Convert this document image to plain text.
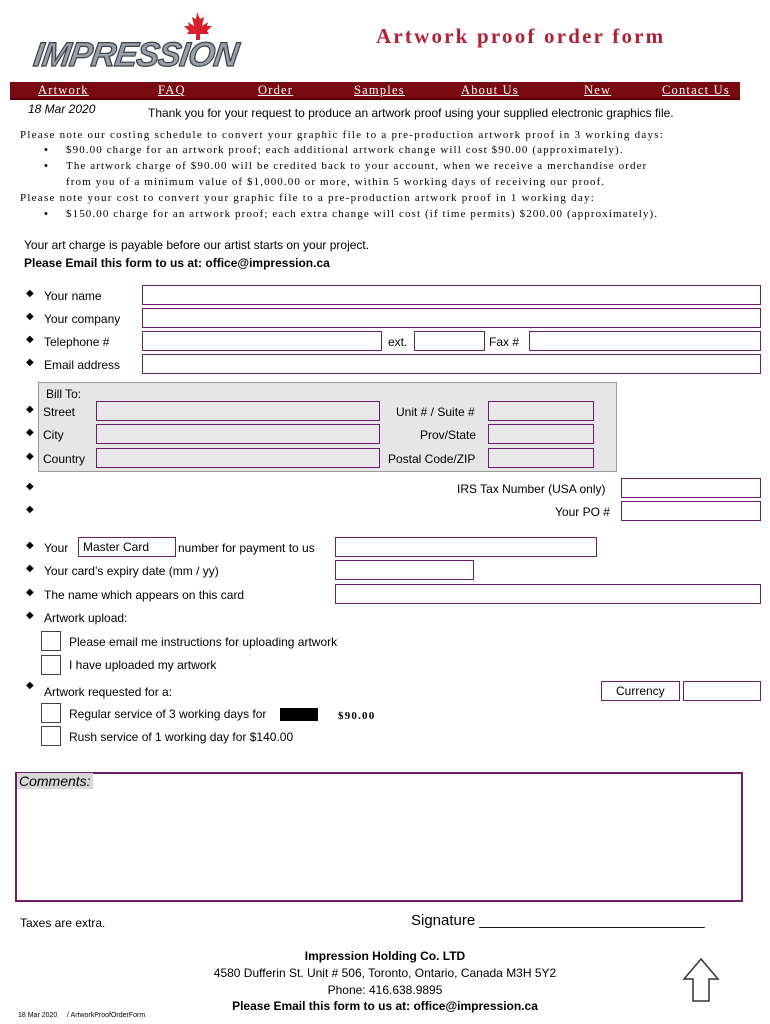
IMPRESSION	Artwork proof order form
Artwork	FAQ	Order	Samples	About Us	New	Contact Us
18 Mar 2020	Thank you for your request to produce an artwork proof using your supplied electronic graphics file.
Please note our costing schedule to convert your graphic file to a pre-production artwork proof in 3 working days:
• $90.00 charge for an artwork proof; each additional artwork change will cost $90.00 (approximately).
• The artwork charge of $90.00 will be credited back to your account, when we receive a merchandise order
from you of a minimum value of $1,000.00 or more, within 5 working days of receiving our proof.
Please note your cost to convert your graphic file to a pre-production artwork proof in 1 working day:
• $150.00 charge for an artwork proof; each extra change will cost (if time permits) $200.00 (approximately).
Your art charge is payable before our artist starts on your project.
Please Email this form to us at: office@impression.ca
◆ Your name
◆ Your company
◆ Telephone #	ext.	Fax #
◆ Email address
Bill To:
◆ Street	Unit # / Suite #
◆ City	Prov/State
◆ Country	Postal Code/ZIP
◆	IRS Tax Number (USA only)
◆	Your PO #
◆ Your	Master Card	number for payment to us
◆ Your card’s expiry date (mm / yy)
◆ The name which appears on this card
◆ Artwork upload:
Please email me instructions for uploading artwork
I have uploaded my artwork
◆ Artwork requested for a:	Currency
Regular service of 3 working days for	$90.00
Rush service of 1 working day for $140.00
Comments:
Taxes are extra.	Signature ___________________________
Impression Holding Co. LTD
4580 Dufferin St. Unit # 506, Toronto, Ontario, Canada M3H 5Y2
Phone: 416.638.9895
Please Email this form to us at: office@impression.ca
18 Mar 2020     / ArtworkProofOrderForm
